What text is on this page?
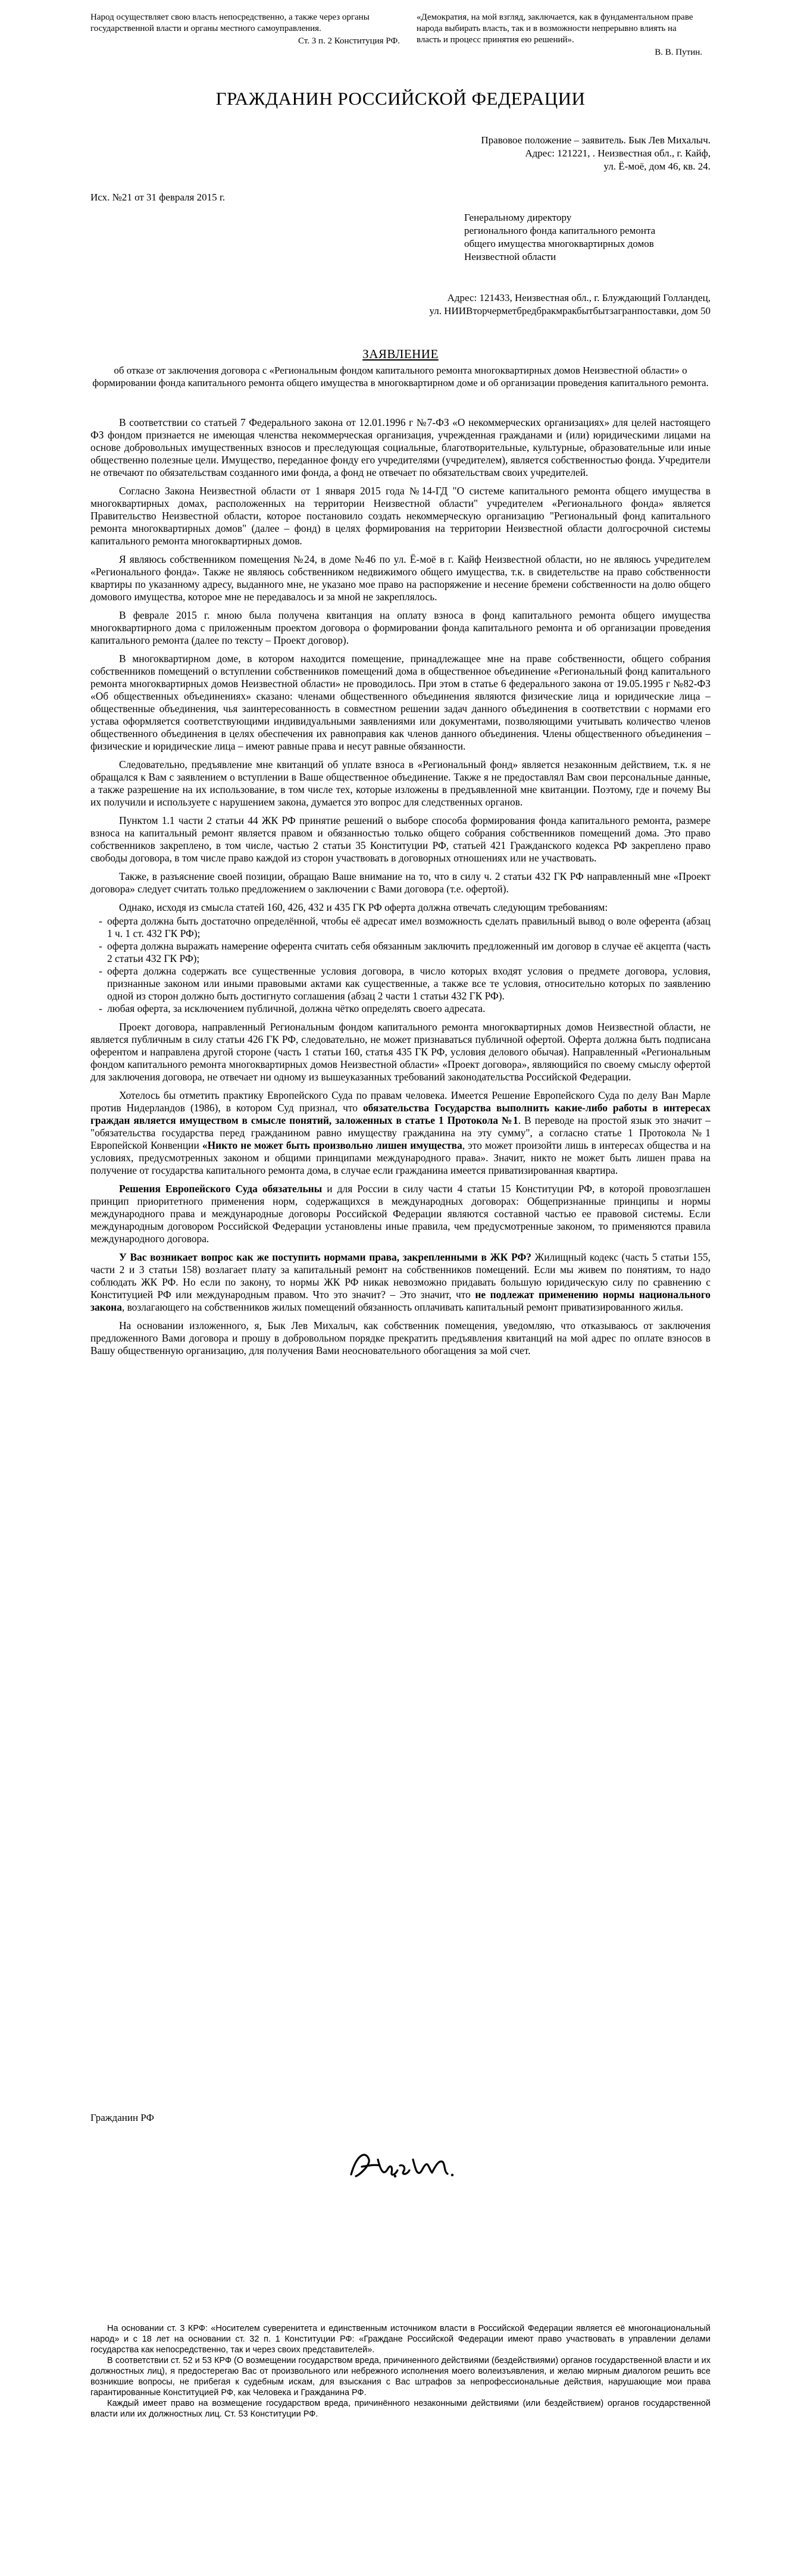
Народ осуществляет свою власть непосредственно, а также через органы государственной власти и органы местного самоуправления.
Ст. 3 п. 2 Конституция РФ.
«Демократия, на мой взгляд, заключается, как в фундаментальном праве народа выбирать власть, так и в возможности непрерывно влиять на власть и процесс принятия ею решений».
В. В. Путин.
ГРАЖДАНИН РОССИЙСКОЙ ФЕДЕРАЦИИ
Правовое положение – заявитель. Бык Лев Михалыч.
Адрес: 121221, . Неизвестная обл., г. Кайф,
ул. Ё-моё, дом 46, кв. 24.
Исх. №21 от 31 февраля 2015 г.
Генеральному директору
регионального фонда капитального ремонта
общего имущества многоквартирных домов
Неизвестной области
Адрес: 121433, Неизвестная обл., г. Блуждающий Голландец,
ул. НИИВторчерметбредбракмракбытбытзагранпоставки, дом 50
ЗАЯВЛЕНИЕ
об отказе от заключения договора с «Региональным фондом капитального ремонта многоквартирных домов Неизвестной области» о формировании фонда капитального ремонта общего имущества в многоквартирном доме и об организации проведения капитального ремонта.

В соответствии со статьей 7 Федерального закона от 12.01.1996 г №7-ФЗ «О некоммерческих организациях» для целей настоящего ФЗ фондом признается не имеющая членства некоммерческая организация, учрежденная гражданами и (или) юридическими лицами на основе добровольных имущественных взносов и преследующая социальные, благотворительные, культурные, образовательные или иные общественно полезные цели. Имущество, переданное фонду его учредителями (учредителем), является собственностью фонда. Учредители не отвечают по обязательствам созданного ими фонда, а фонд не отвечает по обязательствам своих учредителей.

Согласно Закона Неизвестной области от 1 января 2015 года №14-ГД "О системе капитального ремонта общего имущества в многоквартирных домах, расположенных на территории Неизвестной области" учредителем «Регионального фонда» является Правительство Неизвестной области, которое постановило создать некоммерческую организацию "Региональный фонд капитального ремонта многоквартирных домов" (далее – фонд) в целях формирования на территории Неизвестной области долгосрочной системы капитального ремонта многоквартирных домов.

Я являюсь собственником помещения №24, в доме №46 по ул. Ё-моё в г. Кайф Неизвестной области, но не являюсь учредителем «Регионального фонда». Также не являюсь собственником недвижимого общего имущества, т.к. в свидетельстве на право собственности квартиры по указанному адресу, выданного мне, не указано мое право на распоряжение и несение бремени собственности на долю общего домового имущества, которое мне не передавалось и за мной не закреплялось.

В феврале 2015 г. мною была получена квитанция на оплату взноса в фонд капитального ремонта общего имущества многоквартирного дома с приложенным проектом договора о формировании фонда капитального ремонта и об организации проведения капитального ремонта (далее по тексту – Проект договор).

В многоквартирном доме, в котором находится помещение, принадлежащее мне на праве собственности, общего собрания собственников помещений о вступлении собственников помещений дома в общественное объединение «Региональный фонд капитального ремонта многоквартирных домов Неизвестной области» не проводилось. При этом в статье 6 федерального закона от 19.05.1995 г №82-ФЗ «Об общественных объединениях» сказано: членами общественного объединения являются физические лица и юридические лица – общественные объединения, чья заинтересованность в совместном решении задач данного объединения в соответствии с нормами его устава оформляется соответствующими индивидуальными заявлениями или документами, позволяющими учитывать количество членов общественного объединения в целях обеспечения их равноправия как членов данного объединения. Члены общественного объединения – физические и юридические лица – имеют равные права и несут равные обязанности.

Следовательно, предъявление мне квитанций об уплате взноса в «Региональный фонд» является незаконным действием, т.к. я не обращался к Вам с заявлением о вступлении в Ваше общественное объединение. Также я не предоставлял Вам свои персональные данные, а также разрешение на их использование, в том числе тех, которые изложены в предъявленной мне квитанции. Поэтому, где и почему Вы их получили и используете с нарушением закона, думается это вопрос для следственных органов.

Пунктом 1.1 части 2 статьи 44 ЖК РФ принятие решений о выборе способа формирования фонда капитального ремонта, размере взноса на капитальный ремонт является правом и обязанностью только общего собрания собственников помещений дома. Это право собственников закреплено, в том числе, частью 2 статьи 35 Конституции РФ, статьей 421 Гражданского кодекса РФ закреплено право свободы договора, в том числе право каждой из сторон участвовать в договорных отношениях или не участвовать.

Также, в разъяснение своей позиции, обращаю Ваше внимание на то, что в силу ч. 2 статьи 432 ГК РФ направленный мне «Проект договора» следует считать только предложением о заключении с Вами договора (т.е. офертой).

Однако, исходя из смысла статей 160, 426, 432 и 435 ГК РФ оферта должна отвечать следующим требованиям:

- оферта должна быть достаточно определённой, чтобы её адресат имел возможность сделать правильный вывод о воле оферента (абзац 1 ч. 1 ст. 432 ГК РФ);
- оферта должна выражать намерение оферента считать себя обязанным заключить предложенный им договор в случае её акцепта (часть 2 статьи 432 ГК РФ);
- оферта должна содержать все существенные условия договора, в число которых входят условия о предмете договора, условия, признанные законом или иными правовыми актами как существенные, а также все те условия, относительно которых по заявлению одной из сторон должно быть достигнуто соглашения (абзац 2 части 1 статьи 432 ГК РФ).
- любая оферта, за исключением публичной, должна чётко определять своего адресата.

Проект договора, направленный Региональным фондом капитального ремонта многоквартирных домов Неизвестной области, не является публичным в силу статьи 426 ГК РФ, следовательно, не может признаваться публичной офертой. Оферта должна быть подписана оферентом и направлена другой стороне (часть 1 статьи 160, статья 435 ГК РФ, условия делового обычая). Направленный «Региональным фондом капитального ремонта многоквартирных домов Неизвестной области» «Проект договора», являющийся по своему смыслу офертой для заключения договора, не отвечает ни одному из вышеуказанных требований законодательства Российской Федерации.

Хотелось бы отметить практику Европейского Суда по правам человека. Имеется Решение Европейского Суда по делу Ван Марле против Нидерландов (1986), в котором Суд признал, что обязательства Государства выполнить какие-либо работы в интересах граждан является имуществом в смысле понятий, заложенных в статье 1 Протокола №1. В переводе на простой язык это значит – "обязательства государства перед гражданином равно имуществу гражданина на эту сумму", а согласно статье 1 Протокола №1 Европейской Конвенции «Никто не может быть произвольно лишен имущества, это может произойти лишь в интересах общества и на условиях, предусмотренных законом и общими принципами международного права». Значит, никто не может быть лишен права на получение от государства капитального ремонта дома, в случае если гражданина имеется приватизированная квартира.

Решения Европейского Суда обязательны и для России в силу части 4 статьи 15 Конституции РФ, в которой провозглашен принцип приоритетного применения норм, содержащихся в международных договорах: Общепризнанные принципы и нормы международного права и международные договоры Российской Федерации являются составной частью ее правовой системы. Если международным договором Российской Федерации установлены иные правила, чем предусмотренные законом, то применяются правила международного договора.

У Вас возникает вопрос как же поступить нормами права, закрепленными в ЖК РФ? Жилищный кодекс (часть 5 статьи 155, части 2 и 3 статьи 158) возлагает плату за капитальный ремонт на собственников помещений. Если мы живем по понятиям, то надо соблюдать ЖК РФ. Но если по закону, то нормы ЖК РФ никак невозможно придавать большую юридическую силу по сравнению с Конституцией РФ или международным правом. Что это значит? – Это значит, что не подлежат применению нормы национального закона, возлагающего на собственников жилых помещений обязанность оплачивать капитальный ремонт приватизированного жилья.

На основании изложенного, я, Бык Лев Михалыч, как собственник помещения, уведомляю, что отказываюсь от заключения предложенного Вами договора и прошу в добровольном порядке прекратить предъявления квитанций на мой адрес по оплате взносов в Вашу общественную организацию, для получения Вами неосновательного обогащения за мой счет.

Гражданин РФ

На основании ст. 3 КРФ: «Носителем суверенитета и единственным источником власти в Российской Федерации является её многонациональный народ» и с 18 лет на основании ст. 32 п. 1 Конституции РФ: «Граждане Российской Федерации имеют право участвовать в управлении делами государства как непосредственно, так и через своих представителей».

В соответствии ст. 52 и 53 КРФ (О возмещении государством вреда, причиненного действиями (бездействиями) органов государственной власти и их должностных лиц), я предостерегаю Вас от произвольного или небрежного исполнения моего волеизъявления, и желаю мирным диалогом решить все возникшие вопросы, не прибегая к судебным искам, для взыскания с Вас штрафов за непрофессиональные действия, нарушающие мои права гарантированные Конституцией РФ, как Человека и Гражданина РФ.

Каждый имеет право на возмещение государством вреда, причинённого незаконными действиями (или бездействием) органов государственной власти или их должностных лиц. Ст. 53 Конституции РФ.
